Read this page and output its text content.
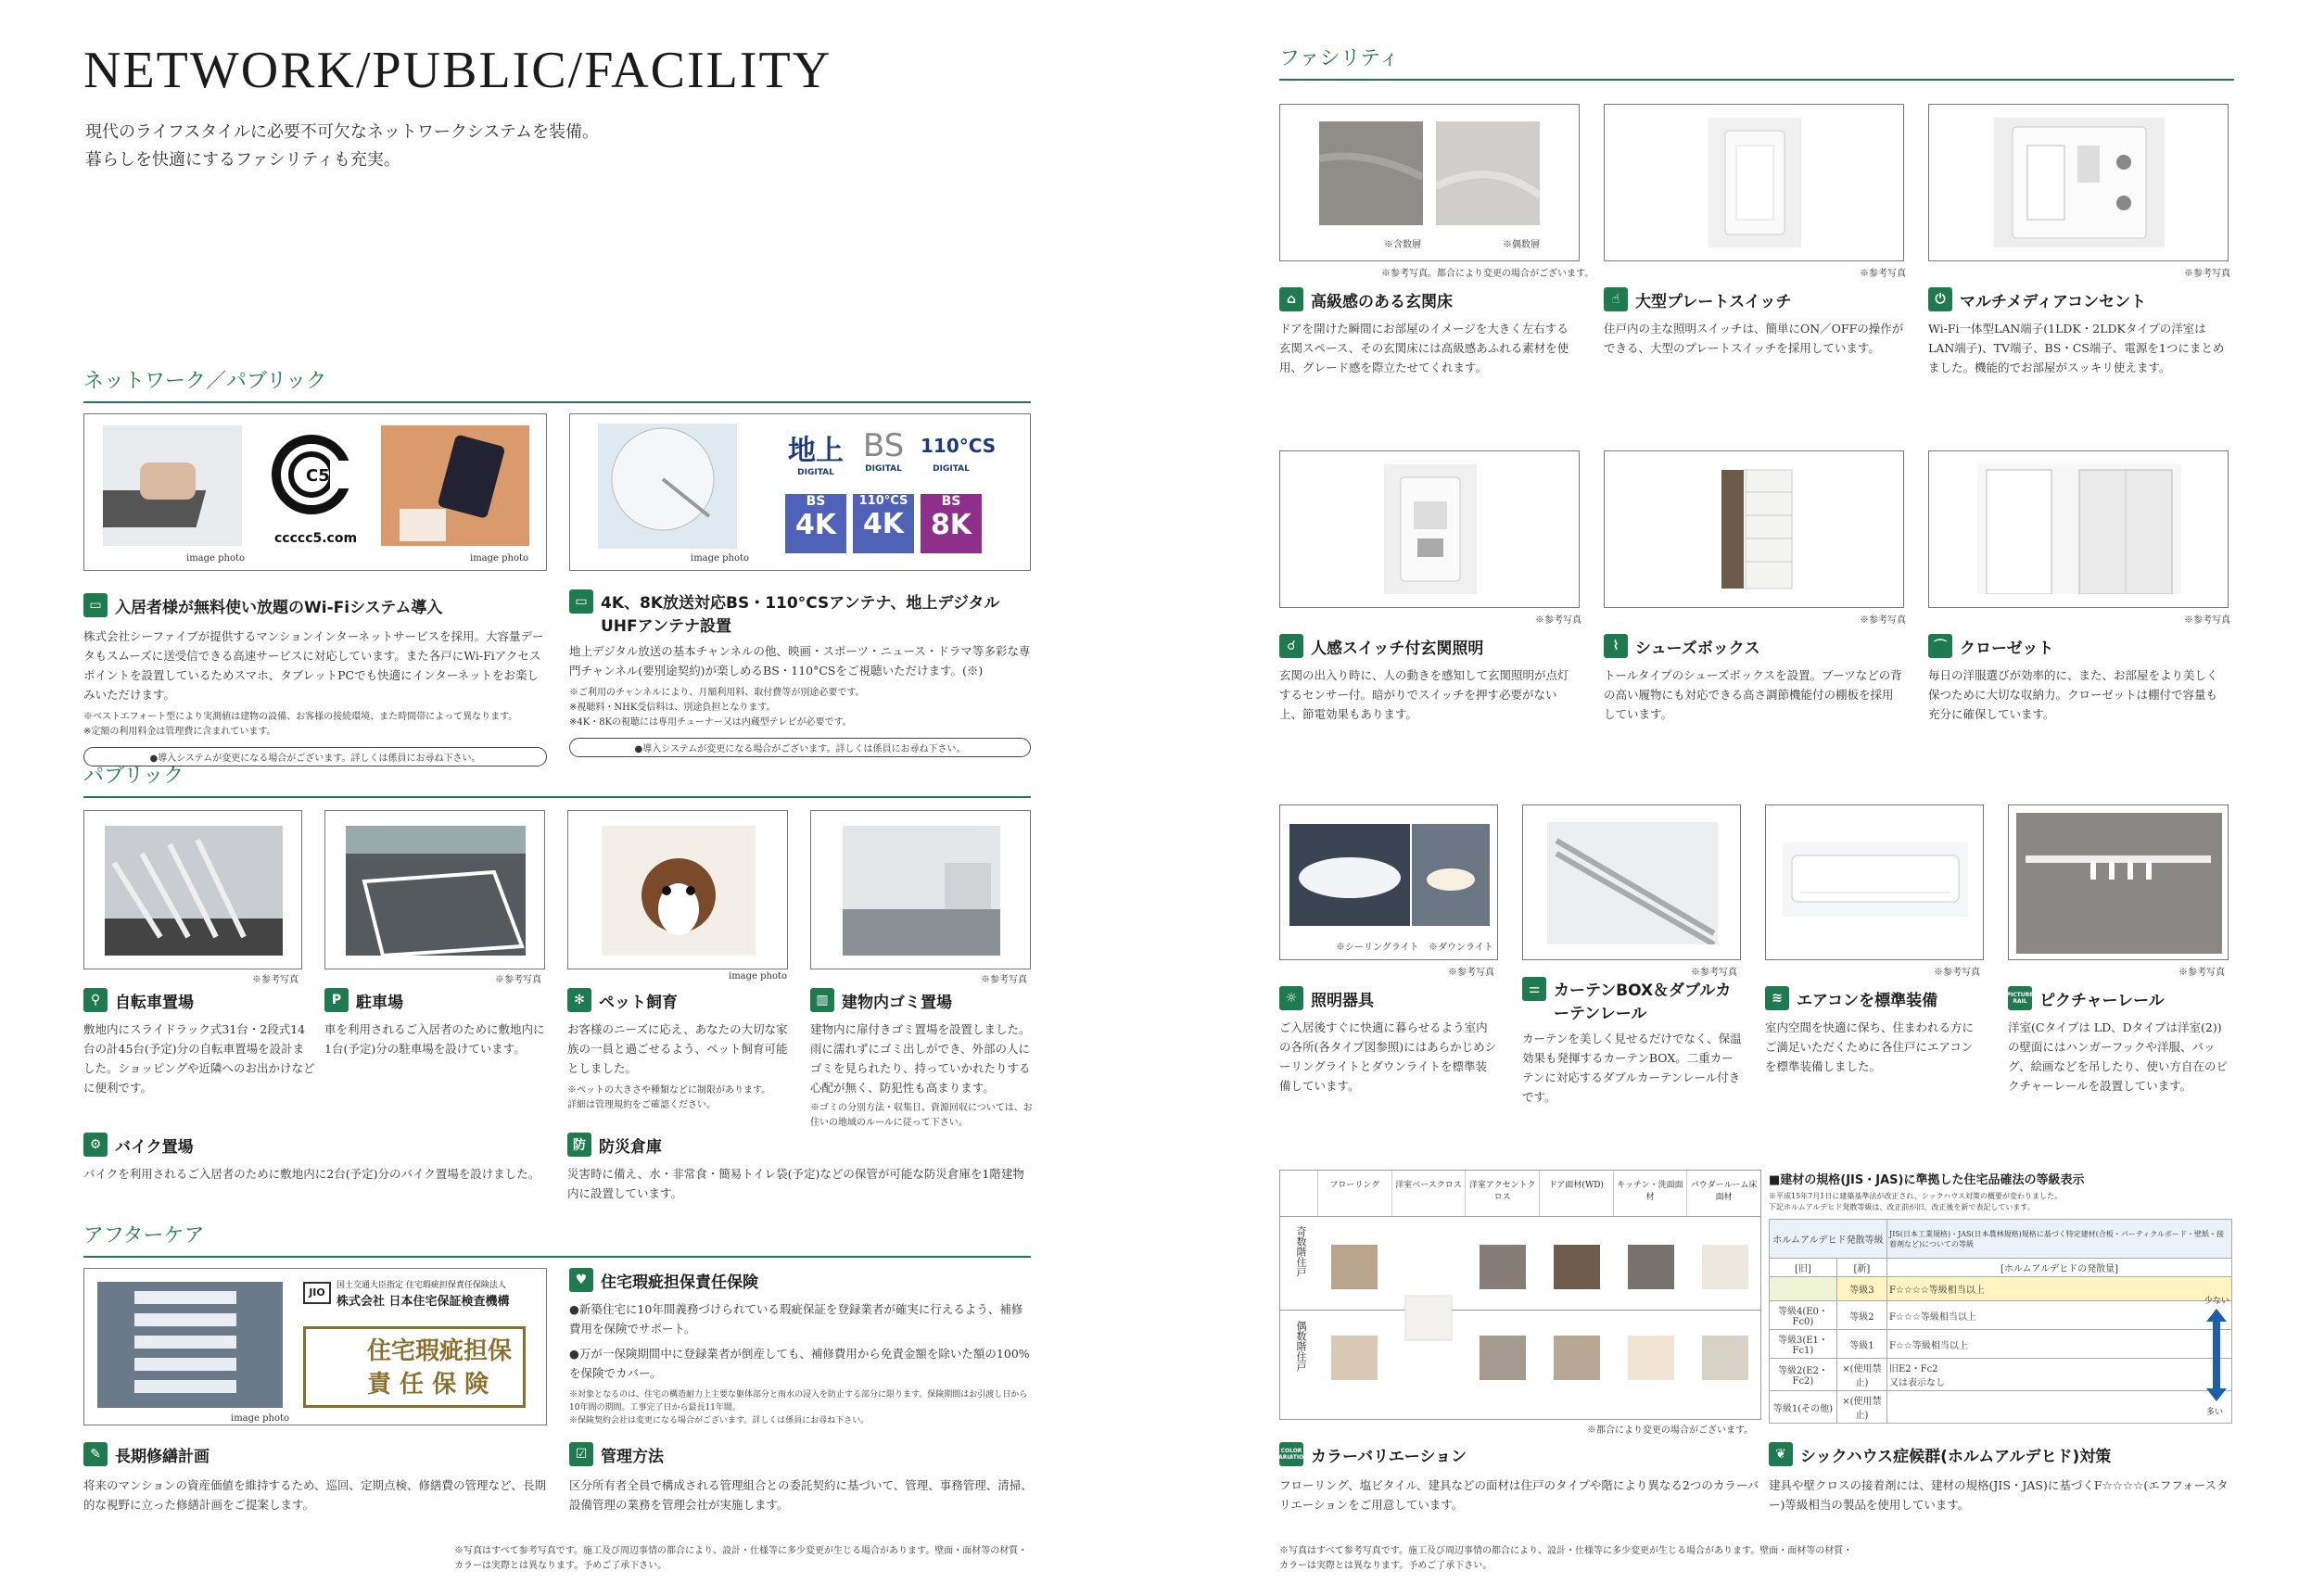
NETWORK/PUBLIC/FACILITY
現代のライフスタイルに必要不可欠なネットワークシステムを装備。
暮らしを快適にするファシリティも充実。
ネットワーク／パブリック
image photo
C5
ccccc5.com
image photo	image photo
地上
DIGITAL
BS
DIGITAL
110°CS
DIGITAL
BS
4K
110°CS
4K
BS
8K
▭ 入居者様が無料使い放題のWi-Fiシステム導入
株式会社シーファイブが提供するマンションインターネットサービスを採用。大容量データもスムーズに送受信できる高速サービスに対応しています。また各戸にWi-Fiアクセスポイントを設置しているためスマホ、タブレットPCでも快適にインターネットをお楽しみいただけます。
※ベストエフォート型により実測値は建物の設備、お客様の接続環境、また時間帯によって異なります。
※定額の利用料金は管理費に含まれています。
●導入システムが変更になる場合がございます。詳しくは係員にお尋ね下さい。
▭ 4K、8K放送対応BS・110°CSアンテナ、地上デジタルUHFアンテナ設置
地上デジタル放送の基本チャンネルの他、映画・スポーツ・ニュース・ドラマ等多彩な専門チャンネル(要別途契約)が楽しめるBS・110°CSをご視聴いただけます。(※)
※ご利用のチャンネルにより、月額利用料、取付費等が別途必要です。
※視聴料・NHK受信料は、別途負担となります。
※4K・8Kの視聴には専用チューナー又は内蔵型テレビが必要です。
●導入システムが変更になる場合がございます。詳しくは係員にお尋ね下さい。
パブリック
※参考写真	※参考写真	image photo	※参考写真
⚲ 自転車置場
敷地内にスライドラック式31台・2段式14台の計45台(予定)分の自転車置場を設計ました。ショッピングや近隣へのお出かけなどに便利です。
P 駐車場
車を利用されるご入居者のために敷地内に1台(予定)分の駐車場を設けています。
✻ ペット飼育
お客様のニーズに応え、あなたの大切な家族の一員と過ごせるよう、ペット飼育可能としました。
※ペットの大きさや種類などに制限があります。
詳細は管理規約をご確認ください。
▥ 建物内ゴミ置場
建物内に扉付きゴミ置場を設置しました。雨に濡れずにゴミ出しができ、外部の人にゴミを見られたり、持っていかれたりする心配が無く、防犯性も高まります。
※ゴミの分別方法・収集日、資源回収については、お住いの地域のルールに従って下さい。
⚙ バイク置場
バイクを利用されるご入居者のために敷地内に2台(予定)分のバイク置場を設けました。
防 防災倉庫
災害時に備え、水・非常食・簡易トイレ袋(予定)などの保管が可能な防災倉庫を1階建物内に設置しています。
アフターケア
image photo
JIO
国土交通大臣指定 住宅瑕疵担保責任保険法人
株式会社 日本住宅保証検査機構
住宅瑕疵担保
責 任 保 険
♥ 住宅瑕疵担保責任保険
●新築住宅に10年間義務づけられている瑕疵保証を登録業者が確実に行えるよう、補修費用を保険でサポート。
●万が一保険期間中に登録業者が倒産しても、補修費用から免責金額を除いた額の100%を保険でカバー。
※対象となるのは、住宅の構造耐力上主要な躯体部分と雨水の浸入を防止する部分に限ります。保険期間はお引渡し日から10年間の期間。工事完了日から最長11年間。
※保険契約会社は変更になる場合がございます。詳しくは係員にお尋ね下さい。
✎ 長期修繕計画
将来のマンションの資産価値を維持するため、巡回、定期点検、修繕費の管理など、長期的な視野に立った修繕計画をご提案します。
☑ 管理方法
区分所有者全員で構成される管理組合との委託契約に基づいて、管理、事務管理、清掃、設備管理の業務を管理会社が実施します。
※写真はすべて参考写真です。施工及び周辺事情の都合により、設計・仕様等に多少変更が生じる場合があります。壁面・面材等の材質・カラーは実際とは異なります。予めご了承下さい。
ファシリティ
※含数層	※偶数層
※参考写真。都合により変更の場合がございます。	※参考写真	※参考写真
⌂ 高級感のある玄関床
ドアを開けた瞬間にお部屋のイメージを大きく左右する玄関スペース、その玄関床には高級感あふれる素材を使用、グレード感を際立たせてくれます。
☝ 大型プレートスイッチ
住戸内の主な照明スイッチは、簡単にON／OFFの操作ができる、大型のプレートスイッチを採用しています。
⏻ マルチメディアコンセント
Wi-Fi一体型LAN端子(1LDK・2LDKタイプの洋室はLAN端子)、TV端子、BS・CS端子、電源を1つにまとめました。機能的でお部屋がスッキリ使えます。
※参考写真	※参考写真	※参考写真
☌ 人感スイッチ付玄関照明
玄関の出入り時に、人の動きを感知して玄関照明が点灯するセンサー付。暗がりでスイッチを押す必要がない上、節電効果もあります。
⌇	シューズボックス
トールタイプのシューズボックスを設置。ブーツなどの背の高い履物にも対応できる高さ調節機能付の棚板を採用しています。
⌒ クローゼット
毎日の洋服選びが効率的に、また、お部屋をより美しく保つために大切な収納力。クローゼットは棚付で容量も充分に確保しています。
※シーリングライト ※ダウンライト
※参考写真	※参考写真	※参考写真	※参考写真
☼ 照明器具
ご入居後すぐに快適に暮らせるよう室内の各所(各タイプ図参照)にはあらかじめシーリングライトとダウンライトを標準装備しています。
⚌ カーテンBOX＆ダブルカーテンレール
カーテンを美しく見せるだけでなく、保温効果も発揮するカーテンBOX。二重カーテンに対応するダブルカーテンレール付きです。
≋ エアコンを標準装備
室内空間を快適に保ち、住まわれる方にご満足いただくために各住戸にエアコンを標準装備しました。
PICTURE RAIL ピクチャーレール
洋室(Cタイプは LD、Dタイプは洋室(2))の壁面にはハンガーフックや洋服、バッグ、絵画などを吊したり、使い方自在のピクチャーレールを設置しています。
フローリング	洋室ベースクロス 洋室アクセントクロス
ドア面材(WD)	キッチン・洗面面材
パウダールーム床面材
奇数階住戸
偶数階住戸
※都合により変更の場合がございます。
COLOR VARIATION カラーバリエーション
フローリング、塩ビタイル、建具などの面材は住戸のタイプや階により異なる2つのカラーバリエーションをご用意しています。
■建材の規格(JIS・JAS)に準拠した住宅品確法の等級表示
※平成15年7月1日に建築基準法が改正され、シックハウス対策の概要が変わりました。
下記ホルムアルデヒド発散等級は、改正前が旧、改正後を新で表記しています。
ホルムアルデヒド発散等級		JIS(日本工業規格)・JAS(日本農林規格)規格に基づく特定建材(合板・パーティクルボード・壁紙・接着剤など)についての等級
[旧]	[新]	[ホルムアルデヒドの発散量]
	等級3	F☆☆☆☆等級相当以上
等級4(E0・Fc0)	等級2	F☆☆☆等級相当以上
等級3(E1・Fc1)	等級1	F☆☆等級相当以上
等級2(E2・Fc2)	×(使用禁止)	旧E2・Fc2
又は表示なし
等級1(その他)	×(使用禁止)	
少ない
多い
❦ シックハウス症候群(ホルムアルデヒド)対策
建具や壁クロスの接着剤には、建材の規格(JIS・JAS)に基づくF☆☆☆☆(エフフォースター)等級相当の製品を使用しています。
※写真はすべて参考写真です。施工及び周辺事情の都合により、設計・仕様等に多少変更が生じる場合があります。壁面・面材等の材質・カラーは実際とは異なります。予めご了承下さい。
